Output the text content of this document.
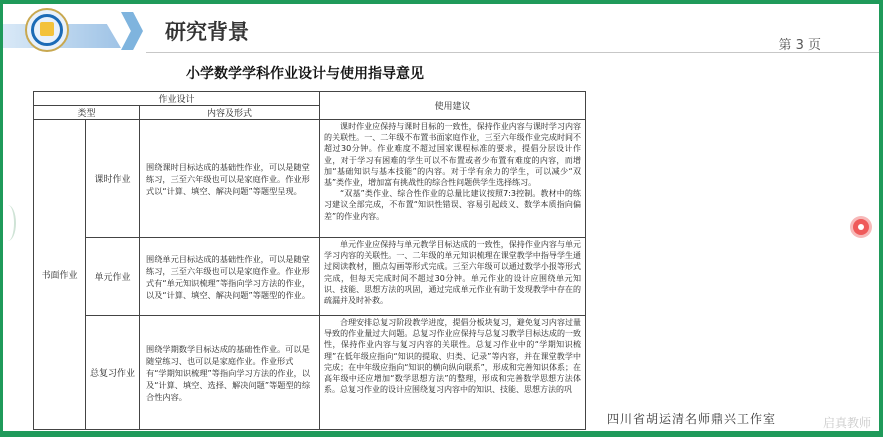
研究背景
第 3 页
小学数学学科作业设计与使用指导意见
作业设计			使用建议
类型		内容及形式	
书面作业	课时作业	围绕课时目标达成的基础性作业，可以是随堂练习，三至六年级也可以是家庭作业。作业形式以“计算、填空、解决问题”等题型呈现。	课时作业应保持与课时目标的一致性，保持作业内容与课时学习内容的关联性。一、二年级不布置书面家庭作业，三至六年级作业完成时间不超过30分钟。作业难度不超过国家课程标准的要求，提倡分层设计作业，对于学习有困难的学生可以不布置或者少布置有难度的内容，而增加“基础知识与基本技能”的内容。对于学有余力的学生，可以减少“双基”类作业，增加富有挑战性的综合性问题供学生选择练习。
“双基”类作业、综合性作业的总量比建议按照7:3控制。教材中的练习建议全部完成，不布置“知识性错误、容易引起歧义、数学本质指向偏差”的作业内容。

	单元作业	围绕单元目标达成的基础性作业，可以是随堂练习，三至六年级也可以是家庭作业。作业形式有“单元知识梳理”等指向学习方法的作业，以及“计算、填空、解决问题”等题型的作业。	单元作业应保持与单元教学目标达成的一致性，保持作业内容与单元学习内容的关联性。一、二年级的单元知识梳理在课堂教学中指导学生通过阅读教材，圈点勾画等形式完成。三至六年级可以通过数学小报等形式完成，但每天完成时间不超过30分钟。单元作业的设计应围绕单元知识、技能、思想方法的巩固，通过完成单元作业有助于发现教学中存在的疏漏并及时补救。

	总复习作业	围绕学期数学目标达成的基础性作业。可以是随堂练习、也可以是家庭作业。作业形式有“学期知识梳理”等指向学习方法的作业，以及“计算、填空、选择、解决问题”等题型的综合性内容。	合理安排总复习阶段教学进度，提倡分板块复习，避免复习内容过量导致的作业量过大问题。总复习作业应保持与总复习教学目标达成的一致性，保持作业内容与复习内容的关联性。总复习作业中的“学期知识梳理”在低年级应指向“知识的提取、归类、记录”等内容，并在课堂教学中完成；在中年级应指向“知识的横向纵向联系”，形成和完善知识体系；在高年级中还应增加“数学思想方法”的整理，形成和完善数学思想方法体系。总复习作业的设计应围绕复习内容中的知识、技能、思想方法的巩
四川省胡运清名师鼎兴工作室	启真教师
